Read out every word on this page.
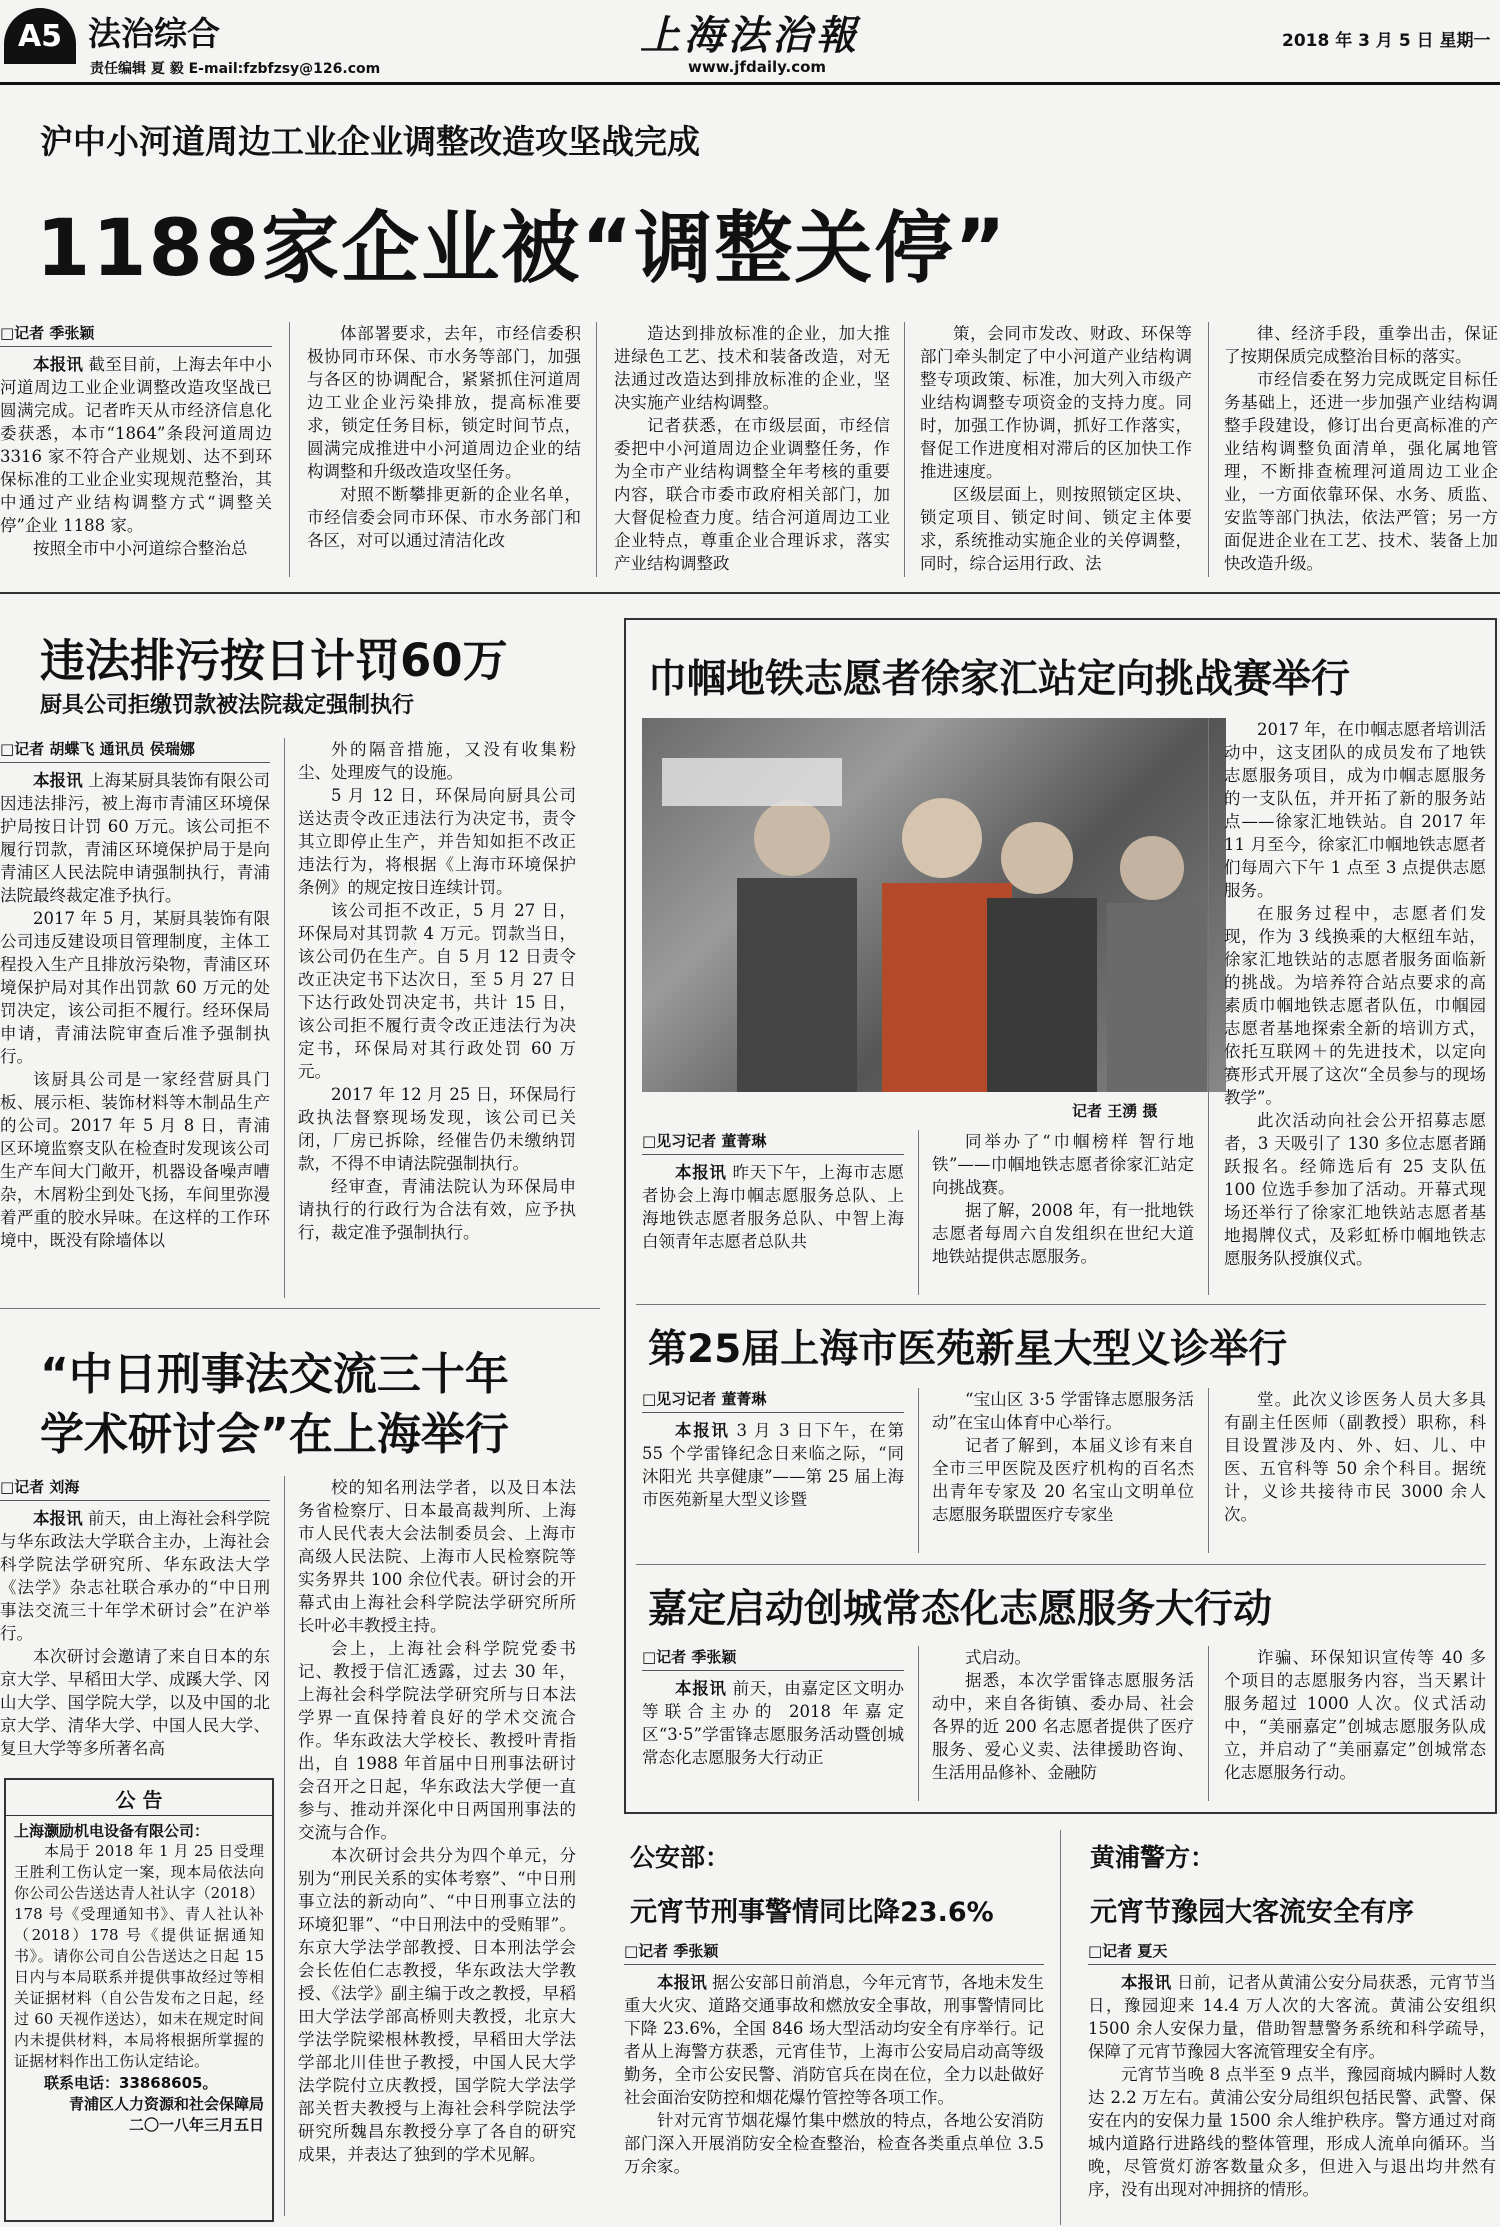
A5 法治综合
责任编辑 夏 毅 E-mail:fzbfzsy@126.com
上海法治報
www.jfdaily.com
2018 年 3 月 5 日 星期一
沪中小河道周边工业企业调整改造攻坚战完成
1188家企业被“调整关停”
□记者 季张颖

本报讯 截至目前，上海去年中小河道周边工业企业调整改造攻坚战已圆满完成。记者昨天从市经济信息化委获悉，本市“1864”条段河道周边 3316 家不符合产业规划、达不到环保标准的工业企业实现规范整治，其中通过产业结构调整方式“调整关停”企业 1188 家。

按照全市中小河道综合整治总

体部署要求，去年，市经信委积极协同市环保、市水务等部门，加强与各区的协调配合，紧紧抓住河道周边工业企业污染排放，提高标准要求，锁定任务目标，锁定时间节点，圆满完成推进中小河道周边企业的结构调整和升级改造攻坚任务。

对照不断攀排更新的企业名单，市经信委会同市环保、市水务部门和各区，对可以通过清洁化改

造达到排放标准的企业，加大推进绿色工艺、技术和装备改造，对无法通过改造达到排放标准的企业，坚决实施产业结构调整。

记者获悉，在市级层面，市经信委把中小河道周边企业调整任务，作为全市产业结构调整全年考核的重要内容，联合市委市政府相关部门，加大督促检查力度。结合河道周边工业企业特点，尊重企业合理诉求，落实产业结构调整政

策，会同市发改、财政、环保等部门牵头制定了中小河道产业结构调整专项政策、标准，加大列入市级产业结构调整专项资金的支持力度。同时，加强工作协调，抓好工作落实，督促工作进度相对滞后的区加快工作推进速度。

区级层面上，则按照锁定区块、锁定项目、锁定时间、锁定主体要求，系统推动实施企业的关停调整，同时，综合运用行政、法

律、经济手段，重拳出击，保证了按期保质完成整治目标的落实。

市经信委在努力完成既定目标任务基础上，还进一步加强产业结构调整手段建设，修订出台更高标准的产业结构调整负面清单，强化属地管理，不断排查梳理河道周边工业企业，一方面依靠环保、水务、质监、安监等部门执法，依法严管；另一方面促进企业在工艺、技术、装备上加快改造升级。

违法排污按日计罚60万
厨具公司拒缴罚款被法院裁定强制执行
□记者 胡蝶飞 通讯员 侯瑞娜

本报讯 上海某厨具装饰有限公司因违法排污，被上海市青浦区环境保护局按日计罚 60 万元。该公司拒不履行罚款，青浦区环境保护局于是向青浦区人民法院申请强制执行，青浦法院最终裁定准予执行。

2017 年 5 月，某厨具装饰有限公司违反建设项目管理制度，主体工程投入生产且排放污染物，青浦区环境保护局对其作出罚款 60 万元的处罚决定，该公司拒不履行。经环保局申请，青浦法院审查后准予强制执行。

该厨具公司是一家经营厨具门板、展示柜、装饰材料等木制品生产的公司。2017 年 5 月 8 日，青浦区环境监察支队在检查时发现该公司生产车间大门敞开，机器设备噪声嘈杂，木屑粉尘到处飞扬，车间里弥漫着严重的胶水异味。在这样的工作环境中，既没有除墙体以

外的隔音措施，又没有收集粉尘、处理废气的设施。

5 月 12 日，环保局向厨具公司送达责令改正违法行为决定书，责令其立即停止生产，并告知如拒不改正违法行为，将根据《上海市环境保护条例》的规定按日连续计罚。

该公司拒不改正，5 月 27 日，环保局对其罚款 4 万元。罚款当日，该公司仍在生产。自 5 月 12 日责令改正决定书下达次日，至 5 月 27 日下达行政处罚决定书，共计 15 日，该公司拒不履行责令改正违法行为决定书，环保局对其行政处罚 60 万元。

2017 年 12 月 25 日，环保局行政执法督察现场发现，该公司已关闭，厂房已拆除，经催告仍未缴纳罚款，不得不申请法院强制执行。

经审查，青浦法院认为环保局申请执行的行政行为合法有效，应予执行，裁定准予强制执行。

“中日刑事法交流三十年
学术研讨会”在上海举行
□记者 刘海

本报讯 前天，由上海社会科学院与华东政法大学联合主办，上海社会科学院法学研究所、华东政法大学《法学》杂志社联合承办的“中日刑事法交流三十年学术研讨会”在沪举行。

本次研讨会邀请了来自日本的东京大学、早稻田大学、成蹊大学、冈山大学、国学院大学，以及中国的北京大学、清华大学、中国人民大学、复旦大学等多所著名高

校的知名刑法学者，以及日本法务省检察厅、日本最高裁判所、上海市人民代表大会法制委员会、上海市高级人民法院、上海市人民检察院等实务界共 100 余位代表。研讨会的开幕式由上海社会科学院法学研究所所长叶必丰教授主持。

会上，上海社会科学院党委书记、教授于信汇透露，过去 30 年，上海社会科学院法学研究所与日本法学界一直保持着良好的学术交流合作。华东政法大学校长、教授叶青指出，自 1988 年首届中日刑事法研讨会召开之日起，华东政法大学便一直参与、推动并深化中日两国刑事法的交流与合作。

本次研讨会共分为四个单元，分别为“刑民关系的实体考察”、“中日刑事立法的新动向”、“中日刑事立法的环境犯罪”、“中日刑法中的受贿罪”。东京大学法学部教授、日本刑法学会会长佐伯仁志教授，华东政法大学教授、《法学》副主编于改之教授，早稻田大学法学部高桥则夫教授，北京大学法学院梁根林教授，早稻田大学法学部北川佳世子教授，中国人民大学法学院付立庆教授，国学院大学法学部关哲夫教授与上海社会科学院法学研究所魏昌东教授分享了各自的研究成果，并表达了独到的学术见解。

公 告
上海灏励机电设备有限公司：
本局于 2018 年 1 月 25 日受理王胜利工伤认定一案，现本局依法向你公司公告送达青人社认字（2018）178 号《受理通知书》、青人社认补（2018）178 号《提供证据通知书》。请你公司自公告送达之日起 15 日内与本局联系并提供事故经过等相关证据材料（自公告发布之日起，经过 60 天视作送达），如未在规定时间内未提供材料，本局将根据所掌握的证据材料作出工伤认定结论。
联系电话：33868605。
青浦区人力资源和社会保障局
二〇一八年三月五日
巾帼地铁志愿者徐家汇站定向挑战赛举行
记者 王湧 摄
□见习记者 董菁琳

本报讯 昨天下午，上海市志愿者协会上海巾帼志愿服务总队、上海地铁志愿者服务总队、中智上海白领青年志愿者总队共

同举办了“巾帼榜样 智行地铁”——巾帼地铁志愿者徐家汇站定向挑战赛。

据了解，2008 年，有一批地铁志愿者每周六自发组织在世纪大道地铁站提供志愿服务。

2017 年，在巾帼志愿者培训活动中，这支团队的成员发布了地铁志愿服务项目，成为巾帼志愿服务的一支队伍，并开拓了新的服务站点——徐家汇地铁站。自 2017 年 11 月至今，徐家汇巾帼地铁志愿者们每周六下午 1 点至 3 点提供志愿服务。

在服务过程中，志愿者们发现，作为 3 线换乘的大枢纽车站，徐家汇地铁站的志愿者服务面临新的挑战。为培养符合站点要求的高素质巾帼地铁志愿者队伍，巾帼园志愿者基地探索全新的培训方式，依托互联网＋的先进技术，以定向赛形式开展了这次“全员参与的现场教学”。

此次活动向社会公开招募志愿者，3 天吸引了 130 多位志愿者踊跃报名。经筛选后有 25 支队伍 100 位选手参加了活动。开幕式现场还举行了徐家汇地铁站志愿者基地揭牌仪式，及彩虹桥巾帼地铁志愿服务队授旗仪式。

第25届上海市医苑新星大型义诊举行
□见习记者 董菁琳

本报讯 3 月 3 日下午，在第 55 个学雷锋纪念日来临之际，“同沐阳光 共享健康”——第 25 届上海市医苑新星大型义诊暨

“宝山区 3·5 学雷锋志愿服务活动”在宝山体育中心举行。

记者了解到，本届义诊有来自全市三甲医院及医疗机构的百名杰出青年专家及 20 名宝山文明单位志愿服务联盟医疗专家坐

堂。此次义诊医务人员大多具有副主任医师（副教授）职称，科目设置涉及内、外、妇、儿、中医、五官科等 50 余个科目。据统计，义诊共接待市民 3000 余人次。

嘉定启动创城常态化志愿服务大行动
□记者 季张颖

本报讯 前天，由嘉定区文明办等联合主办的 2018 年嘉定区“3·5”学雷锋志愿服务活动暨创城常态化志愿服务大行动正

式启动。

据悉，本次学雷锋志愿服务活动中，来自各街镇、委办局、社会各界的近 200 名志愿者提供了医疗服务、爱心义卖、法律援助咨询、生活用品修补、金融防

诈骗、环保知识宣传等 40 多个项目的志愿服务内容，当天累计服务超过 1000 人次。仪式活动中，“美丽嘉定”创城志愿服务队成立，并启动了“美丽嘉定”创城常态化志愿服务行动。

公安部：
元宵节刑事警情同比降23.6%
□记者 季张颖

本报讯 据公安部日前消息，今年元宵节，各地未发生重大火灾、道路交通事故和燃放安全事故，刑事警情同比下降 23.6%，全国 846 场大型活动均安全有序举行。记者从上海警方获悉，元宵佳节，上海市公安局启动高等级勤务，全市公安民警、消防官兵在岗在位，全力以赴做好社会面治安防控和烟花爆竹管控等各项工作。

针对元宵节烟花爆竹集中燃放的特点，各地公安消防部门深入开展消防安全检查整治，检查各类重点单位 3.5 万余家。

黄浦警方：
元宵节豫园大客流安全有序
□记者 夏天

本报讯 日前，记者从黄浦公安分局获悉，元宵节当日，豫园迎来 14.4 万人次的大客流。黄浦公安组织 1500 余人安保力量，借助智慧警务系统和科学疏导，保障了元宵节豫园大客流管理安全有序。

元宵节当晚 8 点半至 9 点半，豫园商城内瞬时人数达 2.2 万左右。黄浦公安分局组织包括民警、武警、保安在内的安保力量 1500 余人维护秩序。警方通过对商城内道路行进路线的整体管理，形成人流单向循环。当晚，尽管赏灯游客数量众多，但进入与退出均井然有序，没有出现对冲拥挤的情形。
